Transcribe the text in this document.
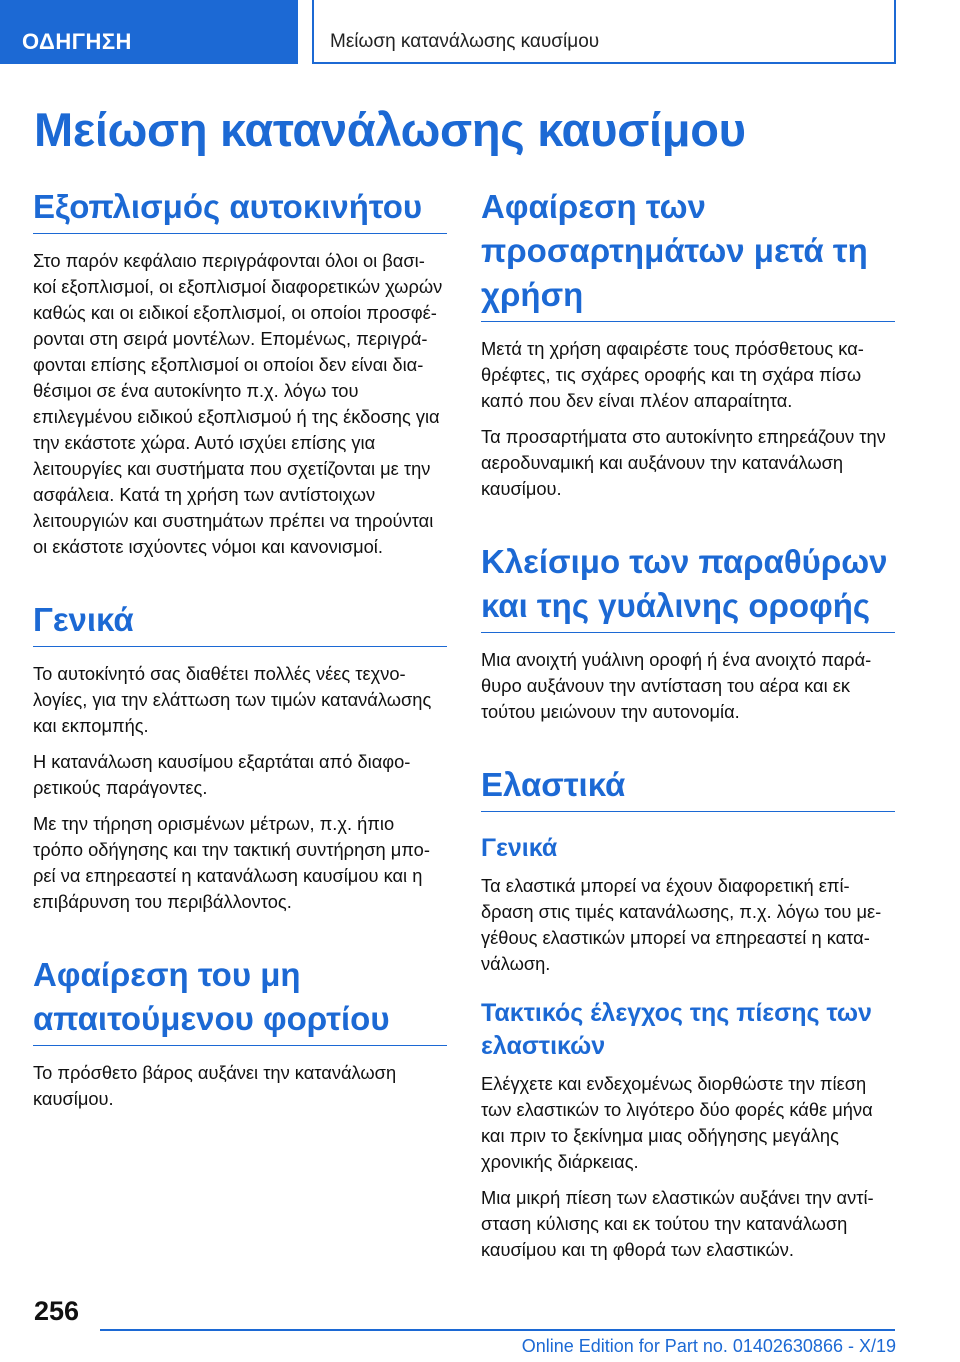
ΟΔΗΓΗΣΗ	Μείωση κατανάλωσης καυσίμου
Μείωση κατανάλωσης καυσίμου
Εξοπλισμός αυτοκινήτου

Στο παρόν κεφάλαιο περιγράφονται όλοι οι βασι- κοί εξοπλισμοί, οι εξοπλισμοί διαφορετικών χωρών καθώς και οι ειδικοί εξοπλισμοί, οι οποίοι προσφέ- ρονται στη σειρά μοντέλων. Επομένως, περιγρά- φονται επίσης εξοπλισμοί οι οποίοι δεν είναι δια- θέσιμοι σε ένα αυτοκίνητο π.χ. λόγω του επιλεγμένου ειδικού εξοπλισμού ή της έκδοσης για την εκάστοτε χώρα. Αυτό ισχύει επίσης για λειτουργίες και συστήματα που σχετίζονται με την ασφάλεια. Κατά τη χρήση των αντίστοιχων λειτουργιών και συστημάτων πρέπει να τηρούνται οι εκάστοτε ισχύοντες νόμοι και κανονισμοί.

Γενικά

Το αυτοκίνητό σας διαθέτει πολλές νέες τεχνο- λογίες, για την ελάττωση των τιμών κατανάλωσης και εκπομπής.

Η κατανάλωση καυσίμου εξαρτάται από διαφο- ρετικούς παράγοντες.

Με την τήρηση ορισμένων μέτρων, π.χ. ήπιο τρόπο οδήγησης και την τακτική συντήρηση μπο- ρεί να επηρεαστεί η κατανάλωση καυσίμου και η επιβάρυνση του περιβάλλοντος.

Αφαίρεση του μη απαιτούμενου φορτίου

Το πρόσθετο βάρος αυξάνει την κατανάλωση καυσίμου.

Αφαίρεση των προσαρτημάτων μετά τη χρήση

Μετά τη χρήση αφαιρέστε τους πρόσθετους κα- θρέφτες, τις σχάρες οροφής και τη σχάρα πίσω καπό που δεν είναι πλέον απαραίτητα.

Τα προσαρτήματα στο αυτοκίνητο επηρεάζουν την αεροδυναμική και αυξάνουν την κατανάλωση καυσίμου.

Κλείσιμο των παραθύρων και της γυάλινης οροφής

Μια ανοιχτή γυάλινη οροφή ή ένα ανοιχτό παρά- θυρο αυξάνουν την αντίσταση του αέρα και εκ τούτου μειώνουν την αυτονομία.

Ελαστικά
Γενικά

Τα ελαστικά μπορεί να έχουν διαφορετική επί- δραση στις τιμές κατανάλωσης, π.χ. λόγω του με- γέθους ελαστικών μπορεί να επηρεαστεί η κατα- νάλωση.

Τακτικός έλεγχος της πίεσης των ελαστικών

Ελέγχετε και ενδεχομένως διορθώστε την πίεση των ελαστικών το λιγότερο δύο φορές κάθε μήνα και πριν το ξεκίνημα μιας οδήγησης μεγάλης χρονικής διάρκειας.

Μια μικρή πίεση των ελαστικών αυξάνει την αντί- σταση κύλισης και εκ τούτου την κατανάλωση καυσίμου και τη φθορά των ελαστικών.

256
Online Edition for Part no. 01402630866 - X/19
